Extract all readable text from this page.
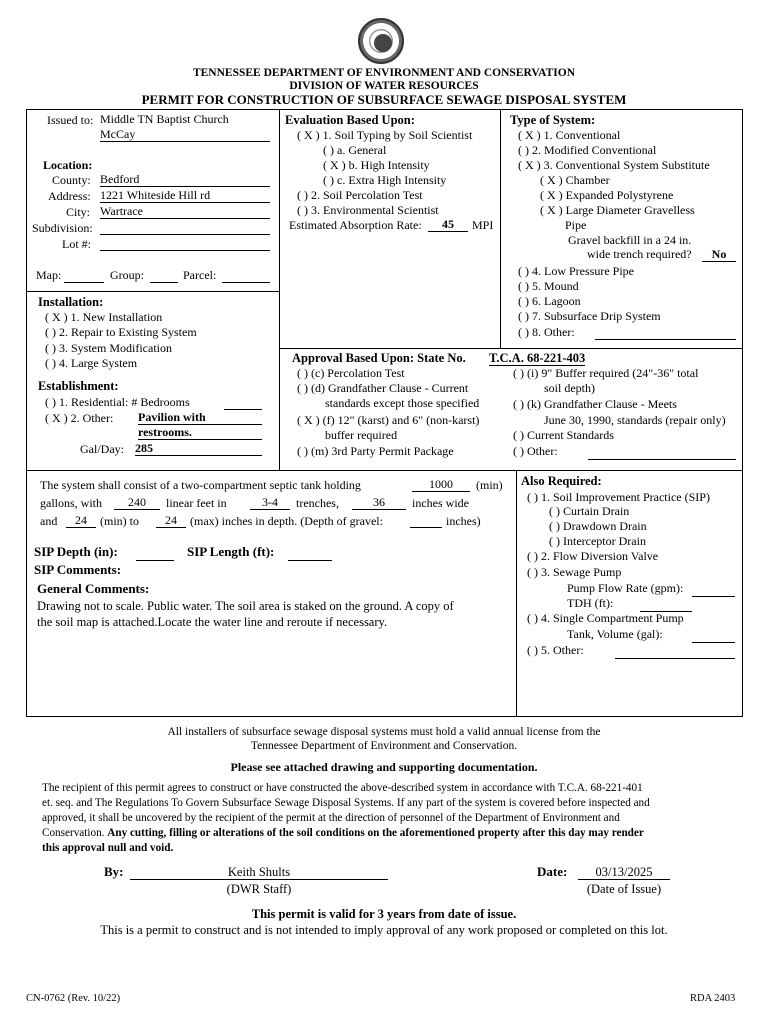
TENNESSEE DEPARTMENT OF ENVIRONMENT AND CONSERVATION
DIVISION OF WATER RESOURCES
PERMIT FOR CONSTRUCTION OF SUBSURFACE SEWAGE DISPOSAL SYSTEM
Issued to: Middle TN Baptist Church
McCay
Location:
County: Bedford
Address: 1221 Whiteside Hill rd
City: Wartrace
Subdivision:
Lot #:
Map:	Group:	Parcel:
Evaluation Based Upon:
( X ) 1. Soil Typing by Soil Scientist
( ) a. General
( X ) b. High Intensity
( ) c. Extra High Intensity
( ) 2. Soil Percolation Test
( ) 3. Environmental Scientist
Estimated Absorption Rate:	45	MPI
Type of System:
( X ) 1. Conventional
( ) 2. Modified Conventional
( X ) 3. Conventional System Substitute
( X ) Chamber
( X ) Expanded Polystyrene
( X ) Large Diameter Gravelless
Pipe
Gravel backfill in a 24 in.
wide trench required?	No
( ) 4. Low Pressure Pipe
( ) 5. Mound
( ) 6. Lagoon
( ) 7. Subsurface Drip System
( ) 8. Other:
Installation:
( X ) 1. New Installation
( ) 2. Repair to Existing System
( ) 3. System Modification
( ) 4. Large System
Establishment:
( ) 1. Residential: # Bedrooms
( X ) 2. Other: Pavilion with
restrooms.
Gal/Day: 285
Approval Based Upon: State No. T.C.A. 68-221-403
( ) (c) Percolation Test
( ) (d) Grandfather Clause - Current
standards except those specified
( X ) (f) 12" (karst) and 6" (non-karst)
buffer required
( ) (m) 3rd Party Permit Package
( ) (i) 9" Buffer required (24"-36" total
soil depth)
( ) (k) Grandfather Clause - Meets
June 30, 1990, standards (repair only)
( ) Current Standards
( ) Other:
The system shall consist of a two-compartment septic tank holding	1000	(min)
gallons, with	240	linear feet in	3-4	trenches,	36	inches wide
and	24	(min) to	24	(max) inches in depth. (Depth of gravel:	inches)
SIP Depth (in):	SIP Length (ft):
SIP Comments:
General Comments:
Drawing not to scale. Public water. The soil area is staked on the ground. A copy of
the soil map is attached.Locate the water line and reroute if necessary.
Also Required:
( ) 1. Soil Improvement Practice (SIP)
( ) Curtain Drain
( ) Drawdown Drain
( ) Interceptor Drain
( ) 2. Flow Diversion Valve
( ) 3. Sewage Pump
Pump Flow Rate (gpm):
TDH (ft):
( ) 4. Single Compartment Pump
Tank, Volume (gal):
( ) 5. Other:
All installers of subsurface sewage disposal systems must hold a valid annual license from the
Tennessee Department of Environment and Conservation.
Please see attached drawing and supporting documentation.
The recipient of this permit agrees to construct or have constructed the above-described system in accordance with T.C.A. 68-221-401
et. seq. and The Regulations To Govern Subsurface Sewage Disposal Systems. If any part of the system is covered before inspected and
approved, it shall be uncovered by the recipient of the permit at the direction of personnel of the Department of Environment and
Conservation. Any cutting, filling or alterations of the soil conditions on the aforementioned property after this day may render
this approval null and void.
By:	Keith Shults
(DWR Staff)
Date:	03/13/2025
(Date of Issue)
This permit is valid for 3 years from date of issue.
This is a permit to construct and is not intended to imply approval of any work proposed or completed on this lot.
CN-0762 (Rev. 10/22)	RDA 2403
